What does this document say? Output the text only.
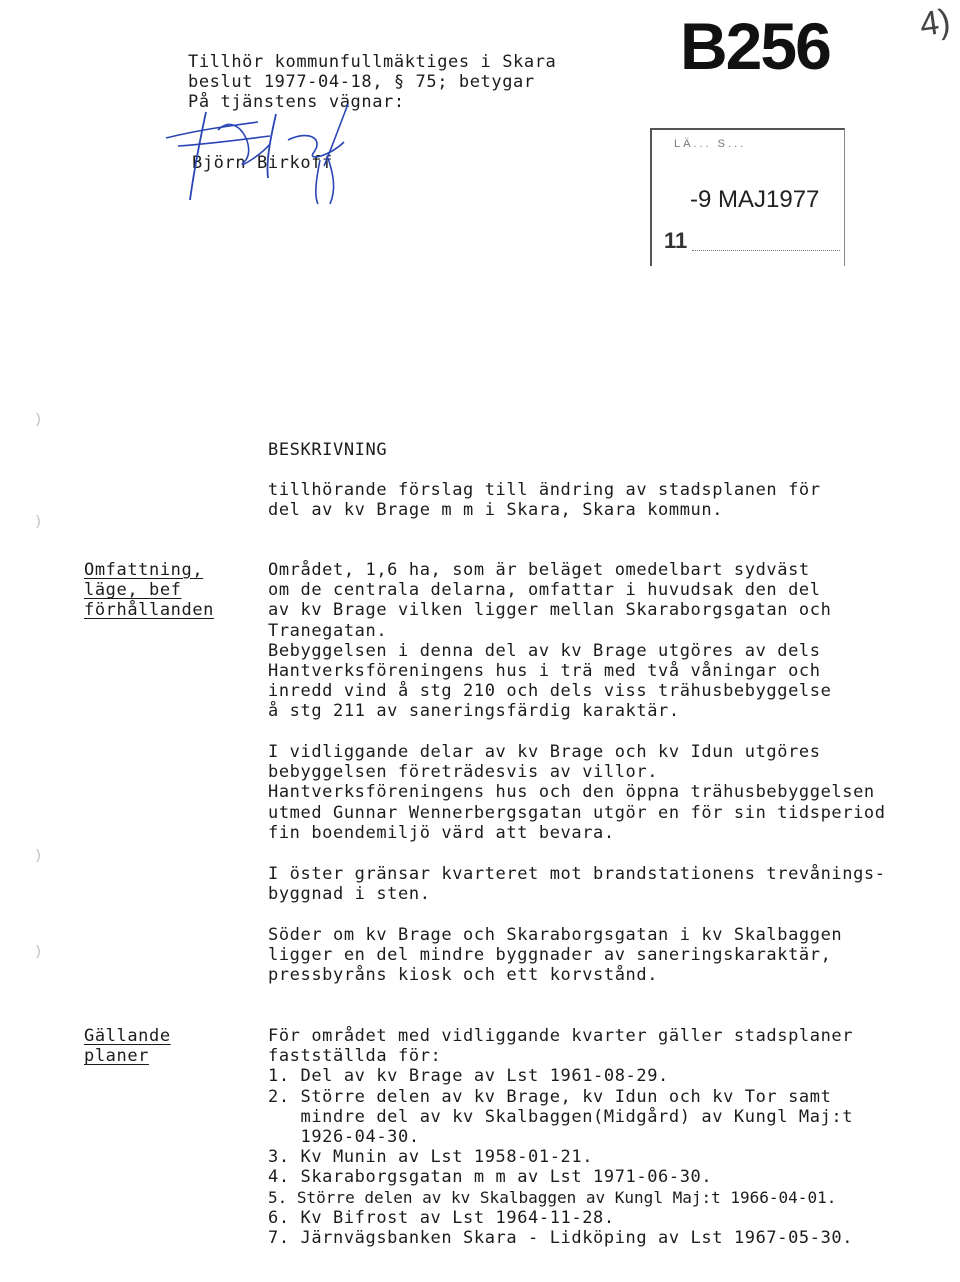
Tillhör kommunfullmäktiges i Skara
beslut 1977-04-18, § 75; betygar
På tjänstens vägnar:
Björn Birkoff
B256	4)
LÄ... S...
-9 MAJ1977
11
)
)
)
)
BESKRIVNING
tillhörande förslag till ändring av stadsplanen för
del av kv Brage m m i Skara, Skara kommun.
Omfattning,
läge, bef
förhållanden
Området, 1,6 ha, som är beläget omedelbart sydväst
om de centrala delarna, omfattar i huvudsak den del
av kv Brage vilken ligger mellan Skaraborgsgatan och
Tranegatan.
Bebyggelsen i denna del av kv Brage utgöres av dels
Hantverksföreningens hus i trä med två våningar och
inredd vind å stg 210 och dels viss trähusbebyggelse
å stg 211 av saneringsfärdig karaktär.
I vidliggande delar av kv Brage och kv Idun utgöres
bebyggelsen företrädesvis av villor.
Hantverksföreningens hus och den öppna trähusbebyggelsen
utmed Gunnar Wennerbergsgatan utgör en för sin tidsperiod
fin boendemiljö värd att bevara.
I öster gränsar kvarteret mot brandstationens trevånings-
byggnad i sten.
Söder om kv Brage och Skaraborgsgatan i kv Skalbaggen
ligger en del mindre byggnader av saneringskaraktär,
pressbyråns kiosk och ett korvstånd.
Gällande
planer
För området med vidliggande kvarter gäller stadsplaner
fastställda för:
1. Del av kv Brage av Lst 1961-08-29.
2. Större delen av kv Brage, kv Idun och kv Tor samt
mindre del av kv Skalbaggen(Midgård) av Kungl Maj:t
1926-04-30.
3. Kv Munin av Lst 1958-01-21.
4. Skaraborgsgatan m m av Lst 1971-06-30.
5. Större delen av kv Skalbaggen av Kungl Maj:t 1966-04-01.
6. Kv Bifrost av Lst 1964-11-28.
7. Järnvägsbanken Skara - Lidköping av Lst 1967-05-30.
